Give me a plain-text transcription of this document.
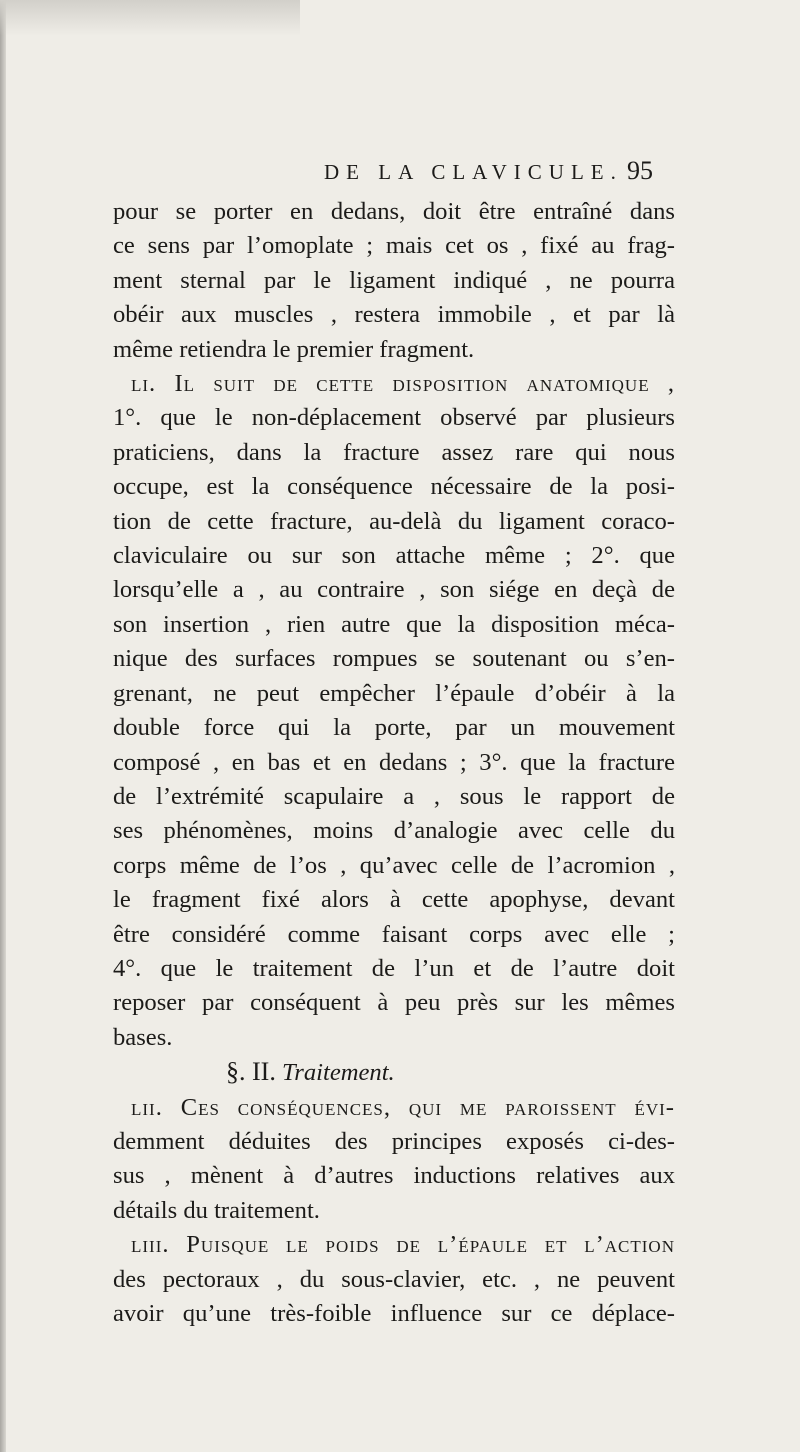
DE LA CLAVICULE. 95
pour se porter en dedans, doit être entraîné dans
ce sens par l’omoplate ; mais cet os , fixé au frag-
ment sternal par le ligament indiqué , ne pourra
obéir aux muscles , restera immobile , et par là
même retiendra le premier fragment.
li. Il suit de cette disposition anatomique ,
1°. que le non-déplacement observé par plusieurs
praticiens, dans la fracture assez rare qui nous
occupe, est la conséquence nécessaire de la posi-
tion de cette fracture, au-delà du ligament coraco-
claviculaire ou sur son attache même ; 2°. que
lorsqu’elle a , au contraire , son siége en deçà de
son insertion , rien autre que la disposition méca-
nique des surfaces rompues se soutenant ou s’en-
grenant, ne peut empêcher l’épaule d’obéir à la
double force qui la porte, par un mouvement
composé , en bas et en dedans ; 3°. que la fracture
de l’extrémité scapulaire a , sous le rapport de
ses phénomènes, moins d’analogie avec celle du
corps même de l’os , qu’avec celle de l’acromion ,
le fragment fixé alors à cette apophyse, devant
être considéré comme faisant corps avec elle ;
4°. que le traitement de l’un et de l’autre doit
reposer par conséquent à peu près sur les mêmes
bases.
§. II. Traitement.
lii. Ces conséquences, qui me paroissent évi-
demment déduites des principes exposés ci-des-
sus , mènent à d’autres inductions relatives aux
détails du traitement.
liii. Puisque le poids de l’épaule et l’action
des pectoraux , du sous-clavier, etc. , ne peuvent
avoir qu’une très-foible influence sur ce déplace-
